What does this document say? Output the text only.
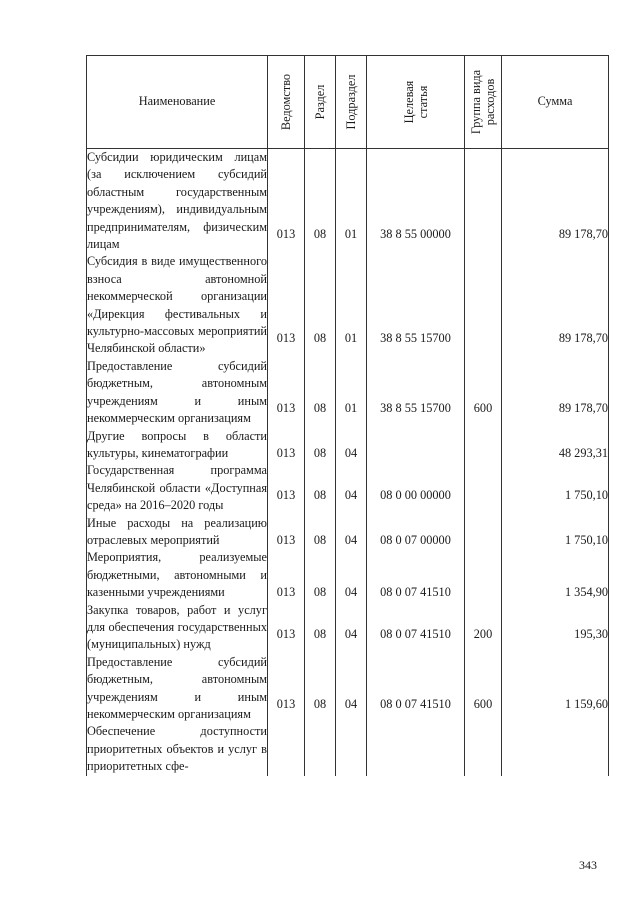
Наименование	Ведомство	Раздел	Подраздел	Целевая статья	Группа вида расходов	Сумма
Субсидии юридическим лицам (за исключением субсидий областным государственным учреждениям), индивидуальным предпринимателям, физическим лицам	013	08	01	38 8 55 00000		89 178,70

Субсидия в виде имущественного взноса автономной некоммерческой организации «Дирекция фестивальных и культурно-массовых мероприятий Челябинской области»	013	08	01	38 8 55 15700		89 178,70

Предоставление субсидий бюджетным, автономным учреждениям и иным некоммерческим организациям	013	08	01	38 8 55 15700	600	89 178,70

Другие вопросы в области культуры, кинематографии	013	08	04			48 293,31
Государственная программа Челябинской области «Доступная среда» на 2016–2020 годы	013	08	04	08 0 00 00000		1 750,10

Иные расходы на реализацию отраслевых мероприятий	013	08	04	08 0 07 00000		1 750,10
Мероприятия, реализуемые бюджетными, автономными и казенными учреждениями	013	08	04	08 0 07 41510		1 354,90
Закупка товаров, работ и услуг для обеспечения государственных (муниципальных) нужд	013	08	04	08 0 07 41510	200	195,30

Предоставление субсидий бюджетным, автономным учреждениям и иным некоммерческим организациям	013	08	04	08 0 07 41510	600	1 159,60

Обеспечение доступности приоритетных объектов и услуг в приоритетных сфе-						
343
